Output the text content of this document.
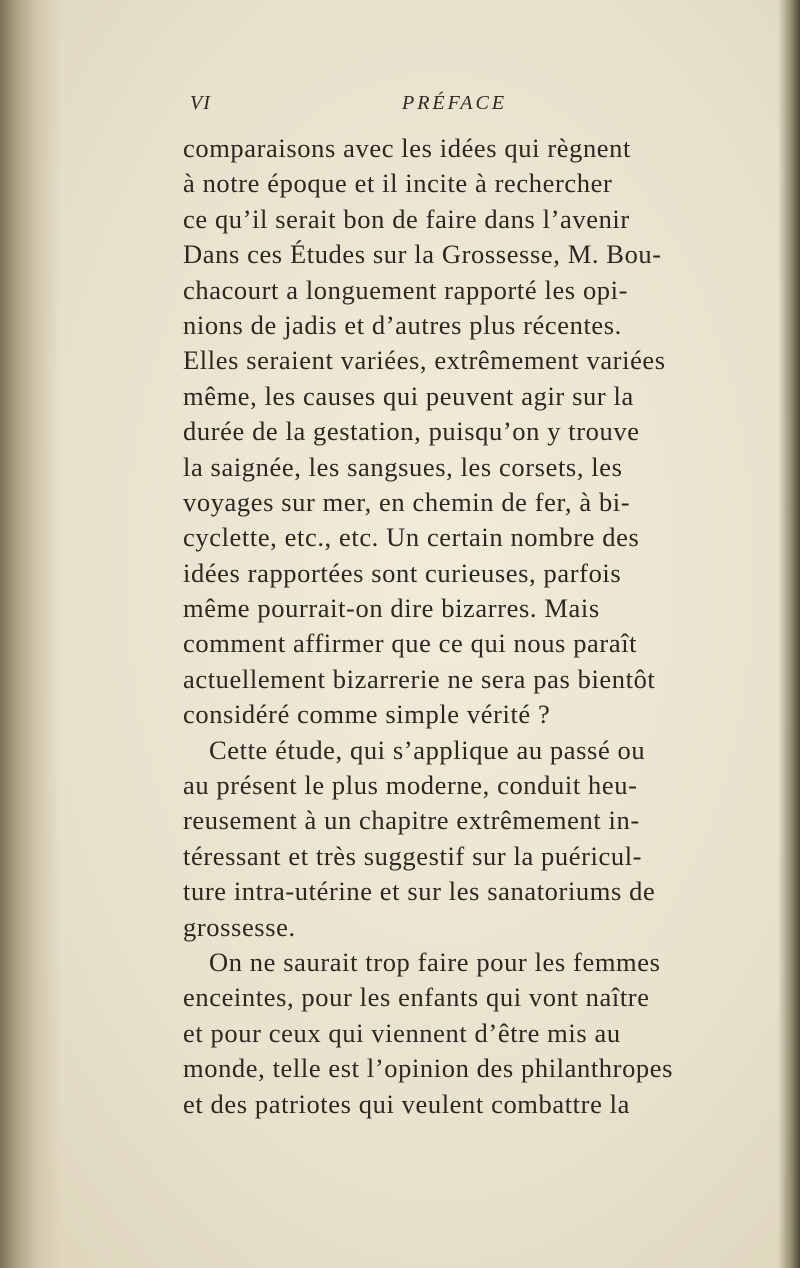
VI	PRÉFACE
comparaisons avec les idées qui règnent
à notre époque et il incite à rechercher
ce qu’il serait bon de faire dans l’avenir
Dans ces Études sur la Grossesse, M. Bou-
chacourt a longuement rapporté les opi-
nions de jadis et d’autres plus récentes.
Elles seraient variées, extrêmement variées
même, les causes qui peuvent agir sur la
durée de la gestation, puisqu’on y trouve
la saignée, les sangsues, les corsets, les
voyages sur mer, en chemin de fer, à bi-
cyclette, etc., etc. Un certain nombre des
idées rapportées sont curieuses, parfois
même pourrait-on dire bizarres. Mais
comment affirmer que ce qui nous paraît
actuellement bizarrerie ne sera pas bientôt
considéré comme simple vérité ?
Cette étude, qui s’applique au passé ou
au présent le plus moderne, conduit heu-
reusement à un chapitre extrêmement in-
téressant et très suggestif sur la puéricul-
ture intra-utérine et sur les sanatoriums de
grossesse.
On ne saurait trop faire pour les femmes
enceintes, pour les enfants qui vont naître
et pour ceux qui viennent d’être mis au
monde, telle est l’opinion des philanthropes
et des patriotes qui veulent combattre la
